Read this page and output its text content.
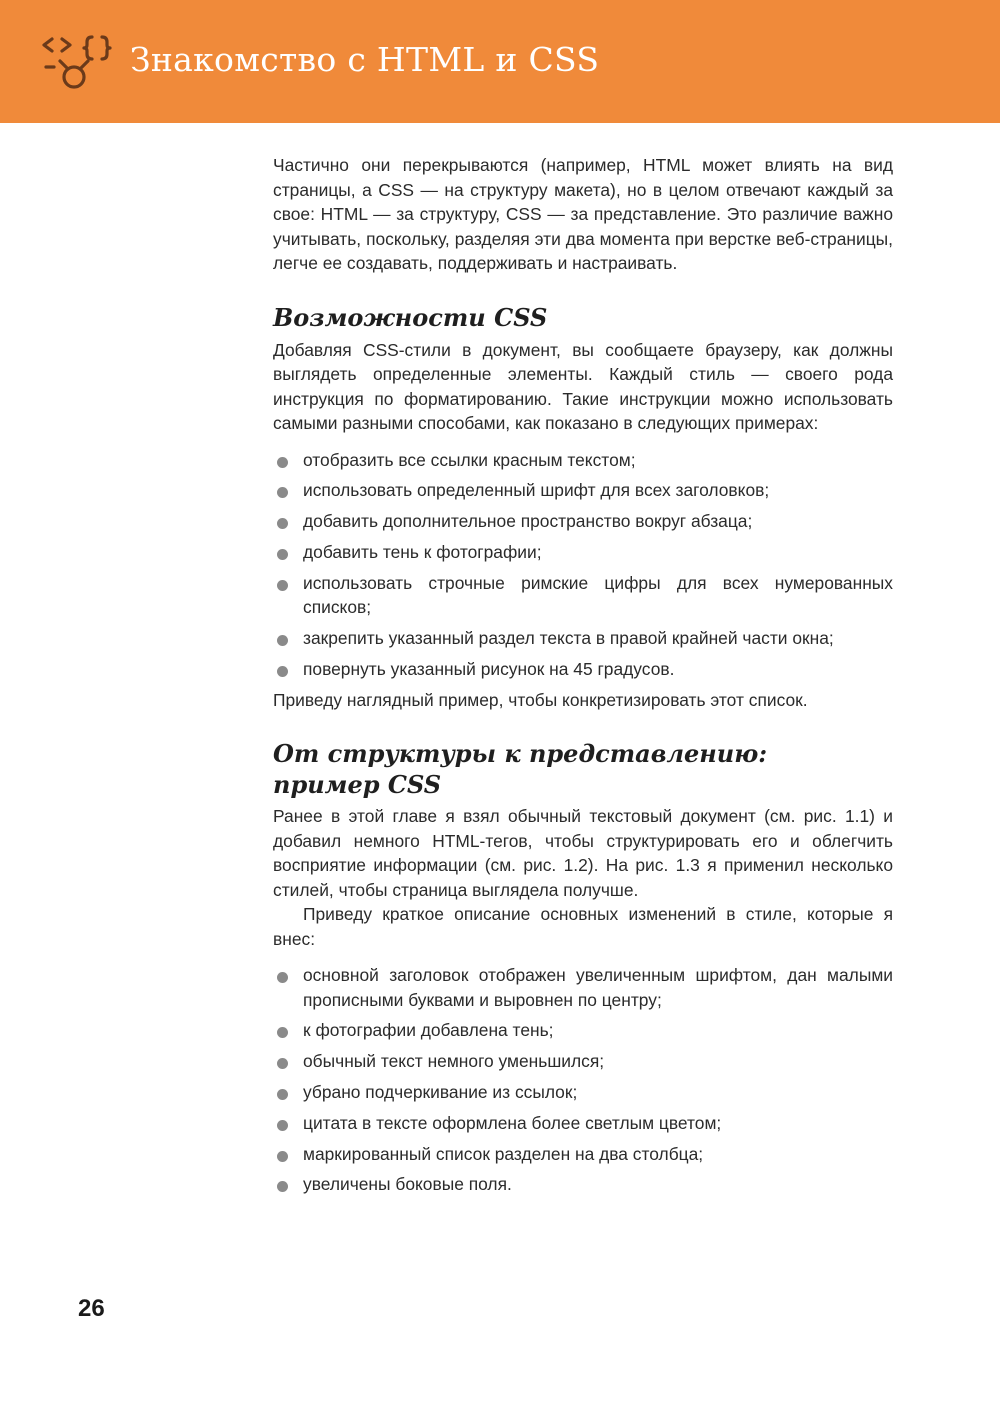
Знакомство с HTML и CSS

Частично они перекрываются (например, HTML может влиять на вид страницы, а CSS — на структуру макета), но в целом отвечают каждый за свое: HTML — за структуру, CSS — за представление. Это различие важно учитывать, поскольку, разделяя эти два момента при верстке веб-страницы, легче ее создавать, поддерживать и настраивать.

Возможности CSS

Добавляя CSS-стили в документ, вы сообщаете браузеру, как должны выглядеть определенные элементы. Каждый стиль — своего рода инструкция по форматированию. Такие инструкции можно использовать самыми разными способами, как показано в следующих примерах:

отобразить все ссылки красным текстом;
использовать определенный шрифт для всех заголовков;
добавить дополнительное пространство вокруг абзаца;
добавить тень к фотографии;
использовать строчные римские цифры для всех нумерованных списков;
закрепить указанный раздел текста в правой крайней части окна;
повернуть указанный рисунок на 45 градусов.

Приведу наглядный пример, чтобы конкретизировать этот список.

От структуры к представлению:
пример CSS

Ранее в этой главе я взял обычный текстовый документ (см. рис. 1.1) и добавил немного HTML-тегов, чтобы структурировать его и облегчить восприятие информации (см. рис. 1.2). На рис. 1.3 я применил несколько стилей, чтобы страница выглядела получше.

Приведу краткое описание основных изменений в стиле, которые я внес:

основной заголовок отображен увеличенным шрифтом, дан малыми прописными буквами и выровнен по центру;
к фотографии добавлена тень;
обычный текст немного уменьшился;
убрано подчеркивание из ссылок;
цитата в тексте оформлена более светлым цветом;
маркированный список разделен на два столбца;
увеличены боковые поля.
26
